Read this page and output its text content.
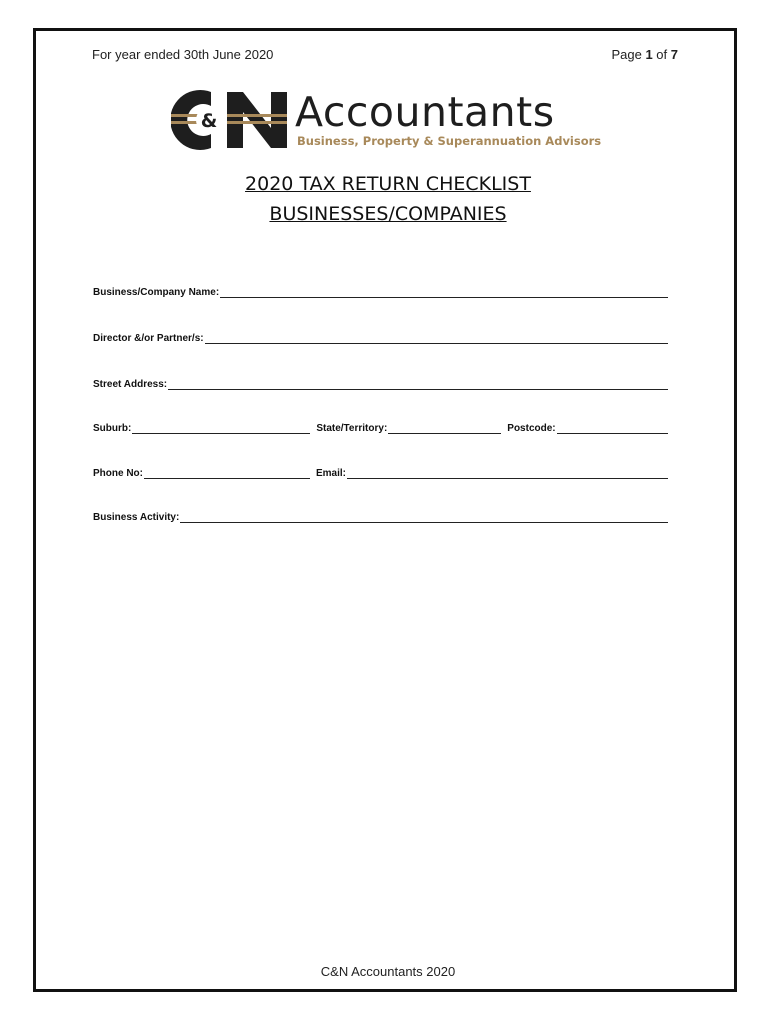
For year ended 30th June 2020	Page 1 of 7
& Accountants
Business, Property & Superannuation Advisors
2020 TAX RETURN CHECKLIST
BUSINESSES/COMPANIES
Business/Company Name:
Director &/or Partner/s:
Street Address:
Suburb:	State/Territory:	Postcode:
Phone No:	Email:
Business Activity:
C&N Accountants 2020
